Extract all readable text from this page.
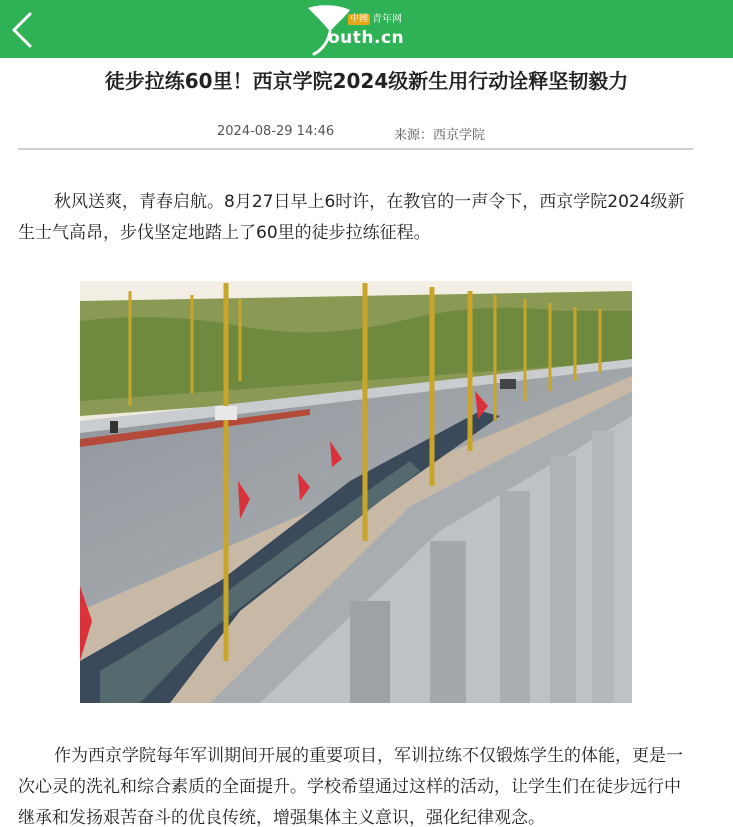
中國 青年网
outh.cn
徒步拉练60里！西京学院2024级新生用行动诠释坚韧毅力
2024-08-29 14:46	来源：西京学院

秋风送爽，青春启航。8月27日早上6时许，在教官的一声令下，西京学院2024级新生士气高昂，步伐坚定地踏上了60里的徒步拉练征程。

作为西京学院每年军训期间开展的重要项目，军训拉练不仅锻炼学生的体能，更是一次心灵的洗礼和综合素质的全面提升。学校希望通过这样的活动，让学生们在徒步远行中继承和发扬艰苦奋斗的优良传统，增强集体主义意识，强化纪律观念。
